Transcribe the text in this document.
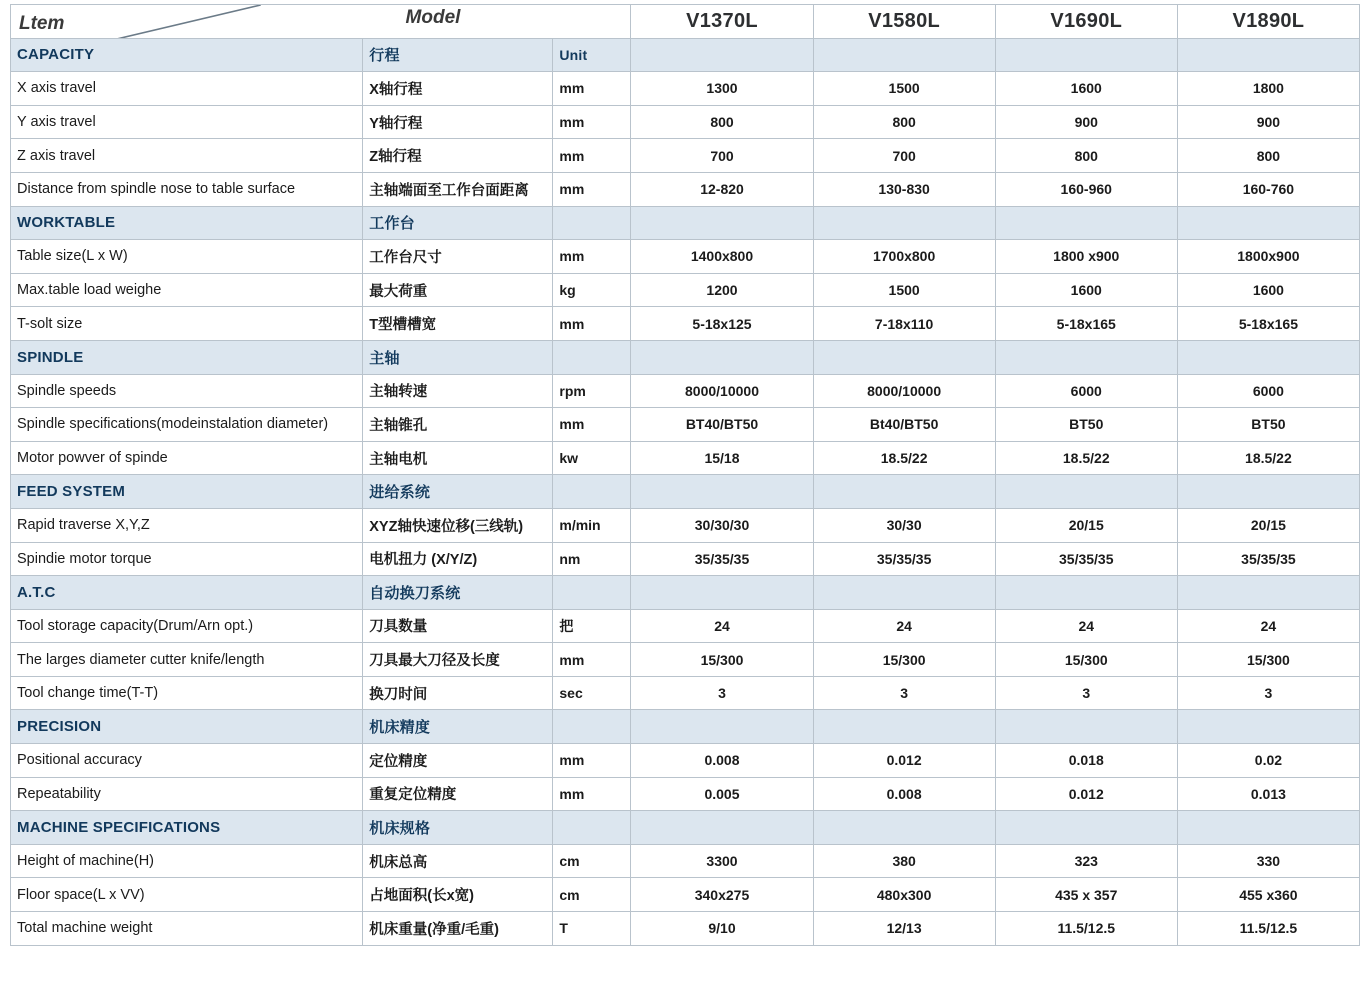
Model
Ltem			V1370L	V1580L	V1690L	V1890L

CAPACITY	行程	Unit				
X axis travel	X轴行程	mm	1300	1500	1600	1800
Y axis travel	Y轴行程	mm	800	800	900	900
Z axis travel	Z轴行程	mm	700	700	800	800
Distance from spindle nose to table surface	主轴端面至工作台面距离	mm	12-820	130-830	160-960	160-760
WORKTABLE	工作台					
Table size(L x W)	工作台尺寸	mm	1400x800	1700x800	1800 x900	1800x900
Max.table load weighe	最大荷重	kg	1200	1500	1600	1600
T-solt size	T型槽槽宽	mm	5-18x125	7-18x110	5-18x165	5-18x165
SPINDLE	主轴					
Spindle speeds	主轴转速	rpm	8000/10000	8000/10000	6000	6000
Spindle specifications(modeinstalation diameter)	主轴锥孔	mm	BT40/BT50	Bt40/BT50	BT50	BT50
Motor powver of spinde	主轴电机	kw	15/18	18.5/22	18.5/22	18.5/22
FEED SYSTEM	进给系统					
Rapid traverse X,Y,Z	XYZ轴快速位移(三线轨)	m/min	30/30/30	30/30	20/15	20/15
Spindie motor torque	电机扭力 (X/Y/Z)	nm	35/35/35	35/35/35	35/35/35	35/35/35
A.T.C	自动换刀系统					
Tool storage capacity(Drum/Arn opt.)	刀具数量	把	24	24	24	24
The larges diameter cutter knife/length	刀具最大刀径及长度	mm	15/300	15/300	15/300	15/300
Tool change time(T-T)	换刀时间	sec	3	3	3	3
PRECISION	机床精度					
Positional accuracy	定位精度	mm	0.008	0.012	0.018	0.02
Repeatability	重复定位精度	mm	0.005	0.008	0.012	0.013
MACHINE SPECIFICATIONS	机床规格					
Height of machine(H)	机床总高	cm	3300	380	323	330
Floor space(L x VV)	占地面积(长x宽)	cm	340x275	480x300	435 x 357	455 x360
Total machine weight	机床重量(净重/毛重)	T	9/10	12/13	11.5/12.5	11.5/12.5
